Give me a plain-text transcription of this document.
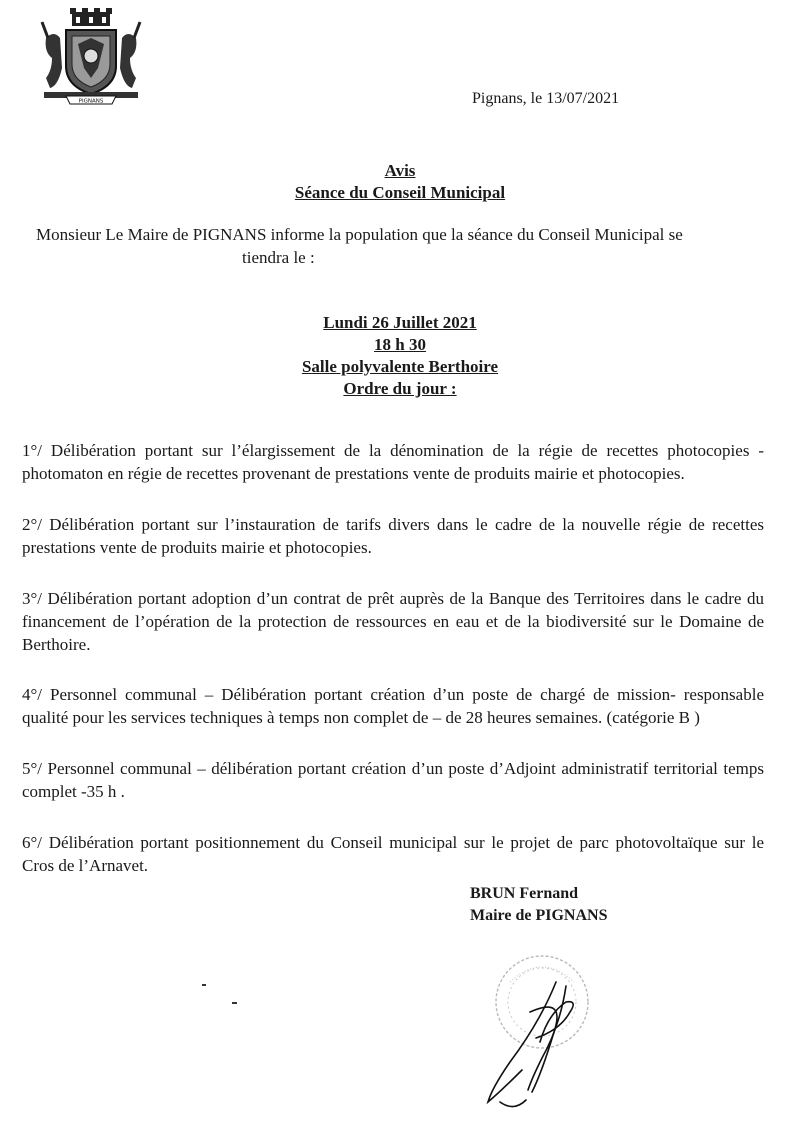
PIGNANS	Pignans, le 13/07/2021
Avis
Séance du Conseil Municipal
Monsieur Le Maire de PIGNANS informe la population que la séance du Conseil Municipal se
tiendra le :
Lundi 26 Juillet 2021
18 h 30
Salle polyvalente Berthoire
Ordre du jour :
1°/ Délibération portant sur l’élargissement de la dénomination de la régie de recettes photocopies - photomaton en régie de recettes provenant de prestations vente de produits mairie et photocopies.
2°/ Délibération portant sur l’instauration de tarifs divers dans le cadre de la nouvelle régie de recettes prestations vente de produits mairie et photocopies.
3°/ Délibération portant adoption d’un contrat de prêt auprès de la Banque des Territoires dans le cadre du financement de l’opération de la protection de ressources en eau et de la biodiversité sur le Domaine de Berthoire.
4°/ Personnel communal – Délibération portant création d’un poste de chargé de mission- responsable qualité pour les services techniques à temps non complet de – de 28 heures semaines. (catégorie B )
5°/ Personnel communal – délibération portant création d’un poste d’Adjoint administratif territorial temps complet -35 h .
6°/ Délibération portant positionnement du Conseil municipal sur le projet de parc photovoltaïque sur le Cros de l’Arnavet.
BRUN Fernand
Maire de PIGNANS
